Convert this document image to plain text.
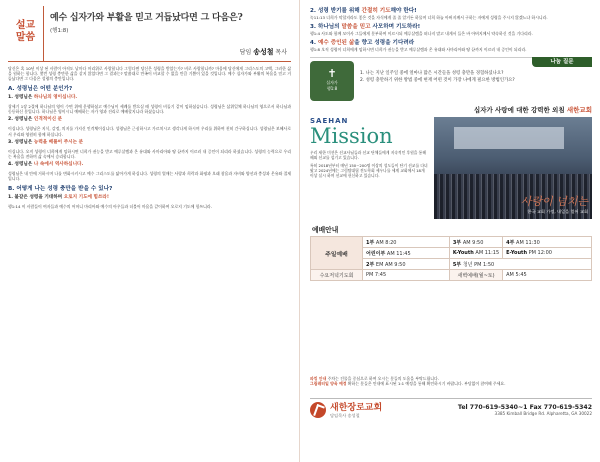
설교
말씀
예수 십자가와 부활을 믿고 거듭났다면 그 다음은?
(행1:8)
담임 송성철 목사
당신은 혹 10년 이상 된 사람이 아직도 날마다 머리위로 사랑합니다 그렇다면 당신은 성령을 받았는가? 비로 사랑합니까? 마음에 당신에게 그리스도의 고백, 그러한 삶을 원하는 합니다. 몇번 성령 충만한 삶을 살지 않았다면 그 결과는? 말씀대로 만족이 비교할 수 없을 만큼 기쁨이 있을 것입니다. 예수 십자가와 부활의 복음을 믿고 거듭났다면 그 다음은 성령의 충만입니다.
A. 성령님은 어떤 분인가?
1. 성령님은 하나님의 영이십니다.
창세기 1장 2절에 하나님의 영이 수면 위에 운행하셨고 예수님이 세례를 받으실 때 성령이 비둘기 같이 임하셨습니다. 성령님은 삼위일체 하나님의 영으로서 하나님과 동등하신 분입니다. 하나님은 영이시니 예배하는 자가 영과 진리로 예배할지니라 하셨습니다.
2. 성령님은 인격적이신 분
이십니다. 성령님은 지식, 감정, 의지를 가지신 인격체이십니다. 성령님은 근심하시고 가르치시고 생각나게 하시며 우리를 위하여 친히 간구하십니다. 성령님은 보혜사로서 우리와 영원히 함께 하십니다.
3. 성령님은 능력을 베풀어 주시는 분
이십니다. 오직 성령이 너희에게 임하시면 너희가 권능을 받고 예루살렘과 온 유대와 사마리아와 땅 끝까지 이르러 내 증인이 되리라 하셨습니다. 성령의 능력으로 우리는 복음을 전하며 삶 속에서 승리합니다.
4. 성령님은 나 속에서 역사하십니다.
성령님은 내 안에 거하시며 나를 변화시키시고 예수 그리스도를 닮아가게 하십니다. 성령의 열매는 사랑과 희락과 화평과 오래 참음과 자비와 양선과 충성과 온유와 절제입니다.
B. 어떻게 나는 성령 충만을 받을 수 있나?
1. 불같은 성령을 기대하며 오로지 기도에 힘쓰라!
행1:14 이 사람들이 여자들과 예수의 어머니 마리아와 예수의 아우들과 더불어 마음을 같이하여 오로지 기도에 힘쓰니라.
2. 성령 받기를 위해 간절히 기도해야 한다!
눅11:13 너희가 악할지라도 좋은 것을 자식에게 줄 줄 알거든 하물며 너희 하늘 아버지께서 구하는 자에게 성령을 주시지 않겠느냐 하시니라.
3. 하나님의 말씀을 믿고 사모하며 기도하라!
행1:4 사도와 함께 모이사 그들에게 분부하여 이르시되 예루살렘을 떠나지 말고 내게서 들은 바 아버지께서 약속하신 것을 기다리라.
4. 예수 증인된 삶을 향고 성령을 기다려라
행1:8 오직 성령이 너희에게 임하시면 너희가 권능을 받고 예루살렘과 온 유대와 사마리아와 땅 끝까지 이르러 내 증인이 되리라.
✝
십자가
행1:8
나눔 질문
1. 나는 지난 일주일 중에 얼마나 많은 시간들을 성령 충만을 경험하셨나요?
2. 성령 충만하기 위한 방법 중에 현재 어떤 것이 가장 나에게 필요한 방법인가요?
십자가 사랑에 대한 강력한 외침 새한교회
SAEHAN
Mission
우리 새한 미션은 선교사님들과 선교 단체들에게 지속적인 후원을 통해 해외 선교를 섬기고 있습니다.
특히 2018년부터 매년 150~200명 이상의 성도들이 단기 선교를 다녀왔고 2024년에는 그림탑대립 전도학회 세우나를 세계 교회에서 18개 이상 실시 하며 선교에 헌신하고 있습니다.
사랑이 넘치는
한국 교회 가정, 내일을 열어 교회
예배안내
주일예배	1부 AM 8:20	3부 AM 9:50	4부 AM 11:30
	어린이부 AM 11:45	K-Youth AM 11:15	E-Youth PM 12:00
	2부 EM AM 9:50	5부 청년 PM 1:50	
수요저녁기도회	PM 7:45	새벽예배(월~토)	AM 5:45
파킹 안내 주차는 건물을 중심으로 하여 오시는 분들의 도움을 부탁드립니다.
그림레터일 양육 예정 확하는 분들은 안내에 표시된 1:1 예정을 통해 확인하시기 바랍니다. 부담없이 참여해 주세요.
새한장로교회
담임목사 송성철
Tel 770-619-5340~1 Fax 770-619-5342
3385 Kimball Bridge Rd. Alpharetta, GA 30022
